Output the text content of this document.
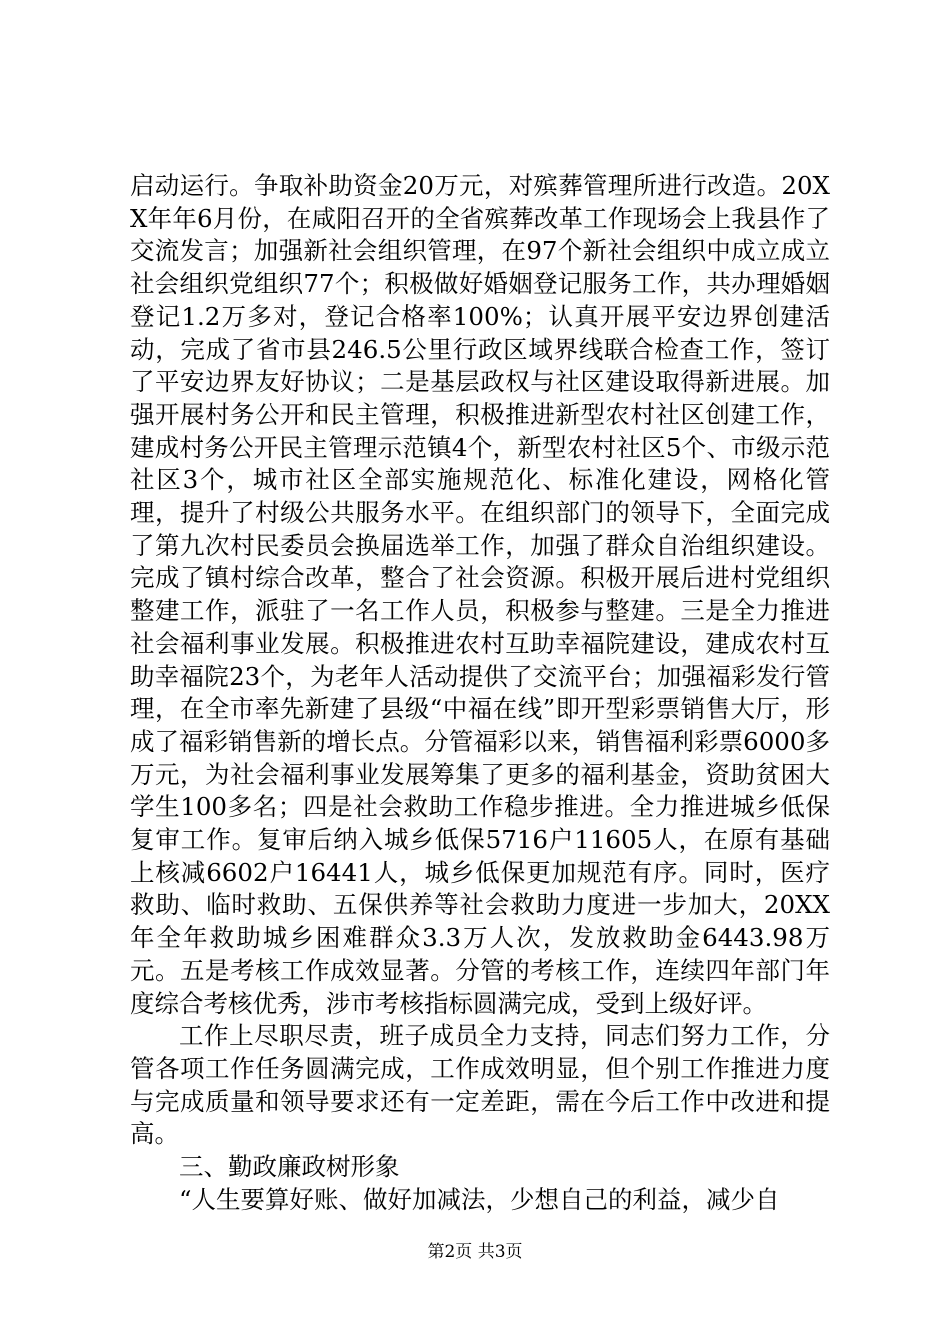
启动运行。争取补助资金20万元，对殡葬管理所进行改造。20XX年年6月份，在咸阳召开的全省殡葬改革工作现场会上我县作了交流发言；加强新社会组织管理，在97个新社会组织中成立成立社会组织党组织77个；积极做好婚姻登记服务工作，共办理婚姻登记1.2万多对，登记合格率100%；认真开展平安边界创建活动，完成了省市县246.5公里行政区域界线联合检查工作，签订了平安边界友好协议；二是基层政权与社区建设取得新进展。加强开展村务公开和民主管理，积极推进新型农村社区创建工作，建成村务公开民主管理示范镇4个，新型农村社区5个、市级示范社区3个，城市社区全部实施规范化、标准化建设，网格化管理，提升了村级公共服务水平。在组织部门的领导下，全面完成了第九次村民委员会换届选举工作，加强了群众自治组织建设。完成了镇村综合改革，整合了社会资源。积极开展后进村党组织整建工作，派驻了一名工作人员，积极参与整建。三是全力推进社会福利事业发展。积极推进农村互助幸福院建设，建成农村互助幸福院23个，为老年人活动提供了交流平台；加强福彩发行管理，在全市率先新建了县级“中福在线”即开型彩票销售大厅，形成了福彩销售新的增长点。分管福彩以来，销售福利彩票6000多万元，为社会福利事业发展筹集了更多的福利基金，资助贫困大学生100多名；四是社会救助工作稳步推进。全力推进城乡低保复审工作。复审后纳入城乡低保5716户11605人，在原有基础上核减6602户16441人，城乡低保更加规范有序。同时，医疗救助、临时救助、五保供养等社会救助力度进一步加大，20XX年全年救助城乡困难群众3.3万人次，发放救助金6443.98万元。五是考核工作成效显著。分管的考核工作，连续四年部门年度综合考核优秀，涉市考核指标圆满完成，受到上级好评。

工作上尽职尽责，班子成员全力支持，同志们努力工作，分管各项工作任务圆满完成，工作成效明显，但个别工作推进力度与完成质量和领导要求还有一定差距，需在今后工作中改进和提高。

三、勤政廉政树形象

“人生要算好账、做好加减法，少想自己的利益，减少自

第2页 共3页
